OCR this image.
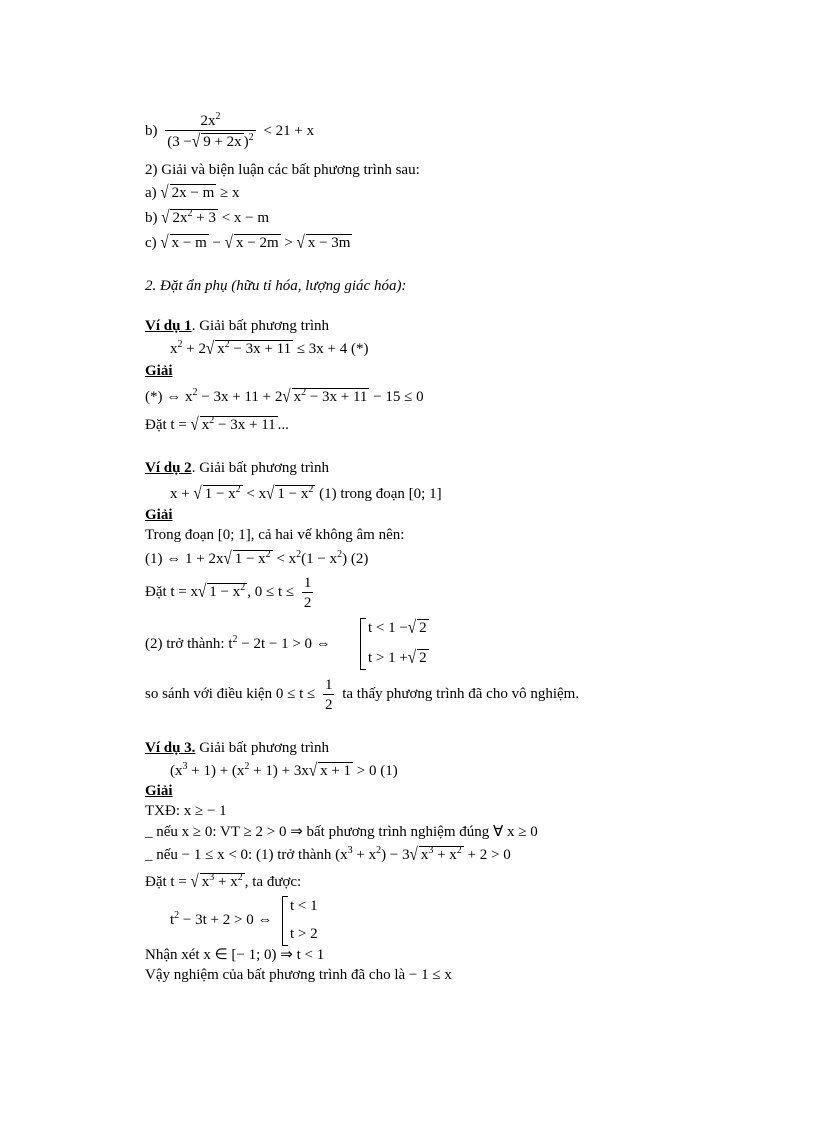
$b) \frac{2x^2}{(3 -√ 9 + 2x )^2} < 21 + x$
2) Giải và biện luận các bất phương trình sau:
a) √ 2x − m ≥ x
b) √ $2x^2 + 3 < x - m$
c) √ x − m − √ x − 2m > √ x − 3m
2. Đặt ẩn phụ (hữu tỉ hóa, lượng giác hóa):
Ví dụ 1. Giải bất phương trình
$x^2 + 2√$ $x^2 - 3x + 11 \le 3x + 4$ (*)
Giải
(*) ⇔ $x^2 - 3x + 11 + 2√$ $x^2 - 3x + 11 - 15 \le 0$
Đặt t = √ $x^2 - 3x + 11$ ...
Ví dụ 2. Giải bất phương trình
x + √ $1 - x^2 < x√$ $1 - x^2$ (1) trong đoạn [0; 1]
Giải
Trong đoạn [0; 1], cả hai vế không âm nên:
(1) ⇔ 1 + 2x√ $1 - x^2 < x^2(1 - x^2)$ (2)
Đặt t = x√ $1 - x^2$ , $0 \le t \le \frac{1}{2}$
(2) trở thành: $t^2 - 2t - 1 > 0$ ⇔
t < 1 −√ 2
t > 1 +√ 2
so sánh với điều kiện $0 \le t \le \frac{1}{2}$ ta thấy phương trình đã cho vô nghiệm.
Ví dụ 3. Giải bất phương trình
$(x^3 + 1) + (x^2 + 1) + 3x√$ x + 1 > 0 (1)
Giải
TXĐ: x ≥ − 1
_ nếu x ≥ 0: VT ≥ 2 > 0 ⇒ bất phương trình nghiệm đúng ∀ x ≥ 0
_ nếu − 1 ≤ x < 0: (1) trở thành $(x^3 + x^2) - 3√$ $x^3 + x^2 + 2 > 0$
Đặt t = √ $x^3 + x^2$ , ta được:
$t^2 - 3t + 2 > 0$ ⇔
t < 1
t > 2
Nhận xét x ∈ [− 1; 0) ⇒ t < 1
Vậy nghiệm của bất phương trình đã cho là − 1 ≤ x
